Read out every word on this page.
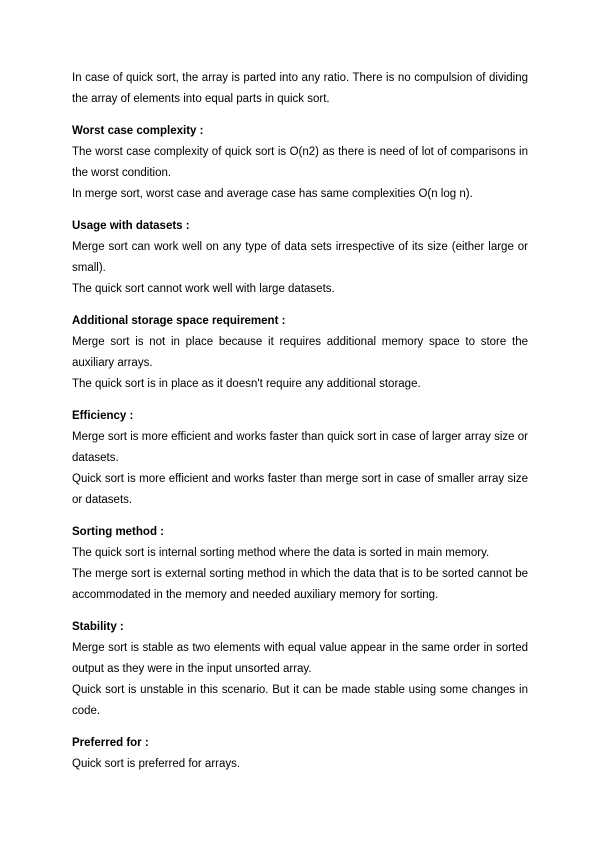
In case of quick sort, the array is parted into any ratio. There is no compulsion of dividing the array of elements into equal parts in quick sort.

Worst case complexity :

The worst case complexity of quick sort is O(n2) as there is need of lot of comparisons in the worst condition.

In merge sort, worst case and average case has same complexities O(n log n).

Usage with datasets :

Merge sort can work well on any type of data sets irrespective of its size (either large or small).

The quick sort cannot work well with large datasets.

Additional storage space requirement :

Merge sort is not in place because it requires additional memory space to store the auxiliary arrays.

The quick sort is in place as it doesn't require any additional storage.

Efficiency :

Merge sort is more efficient and works faster than quick sort in case of larger array size or datasets.

Quick sort is more efficient and works faster than merge sort in case of smaller array size or datasets.

Sorting method :

The quick sort is internal sorting method where the data is sorted in main memory.

The merge sort is external sorting method in which the data that is to be sorted cannot be accommodated in the memory and needed auxiliary memory for sorting.

Stability :

Merge sort is stable as two elements with equal value appear in the same order in sorted output as they were in the input unsorted array.

Quick sort is unstable in this scenario. But it can be made stable using some changes in code.

Preferred for :

Quick sort is preferred for arrays.
